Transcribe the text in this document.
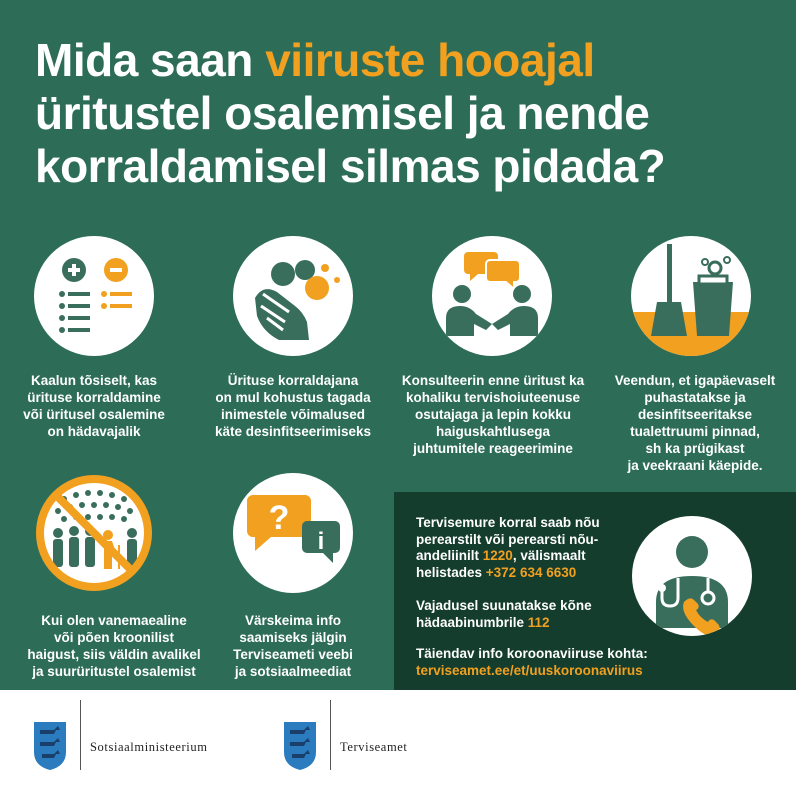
Mida saan viiruste hooajal
üritustel osalemisel ja nende
korraldamisel silmas pidada?
Kaalun tõsiselt, kas
ürituse korraldamine
või üritusel osalemine
on hädavajalik
Ürituse korraldajana
on mul kohustus tagada
inimestele võimalused
käte desinfitseerimiseks
Konsulteerin enne üritust ka
kohaliku tervishoiuteenuse
osutajaga ja lepin kokku
haiguskahtlusega
juhtumitele reageerimine
Veendun, et igapäevaselt
puhastatakse ja
desinfitseeritakse
tualettruumi pinnad,
sh ka prügikast
ja veekraani käepide.
?
i
Kui olen vanemaealine
või põen kroonilist
haigust, siis väldin avalikel
ja suurüritustel osalemist
Värskeima info
saamiseks jälgin
Terviseameti veebi
ja sotsiaalmeediat
Tervisemure korral saab nõu
perearstilt või perearsti nõu-
andeliinilt 1220, välismaalt
helistades +372 634 6630
Vajadusel suunatakse kõne
hädaabinumbrile 112
Täiendav info koroonaviiruse kohta:
terviseamet.ee/et/uuskoroonaviirus
Sotsiaalministeerium	Terviseamet
